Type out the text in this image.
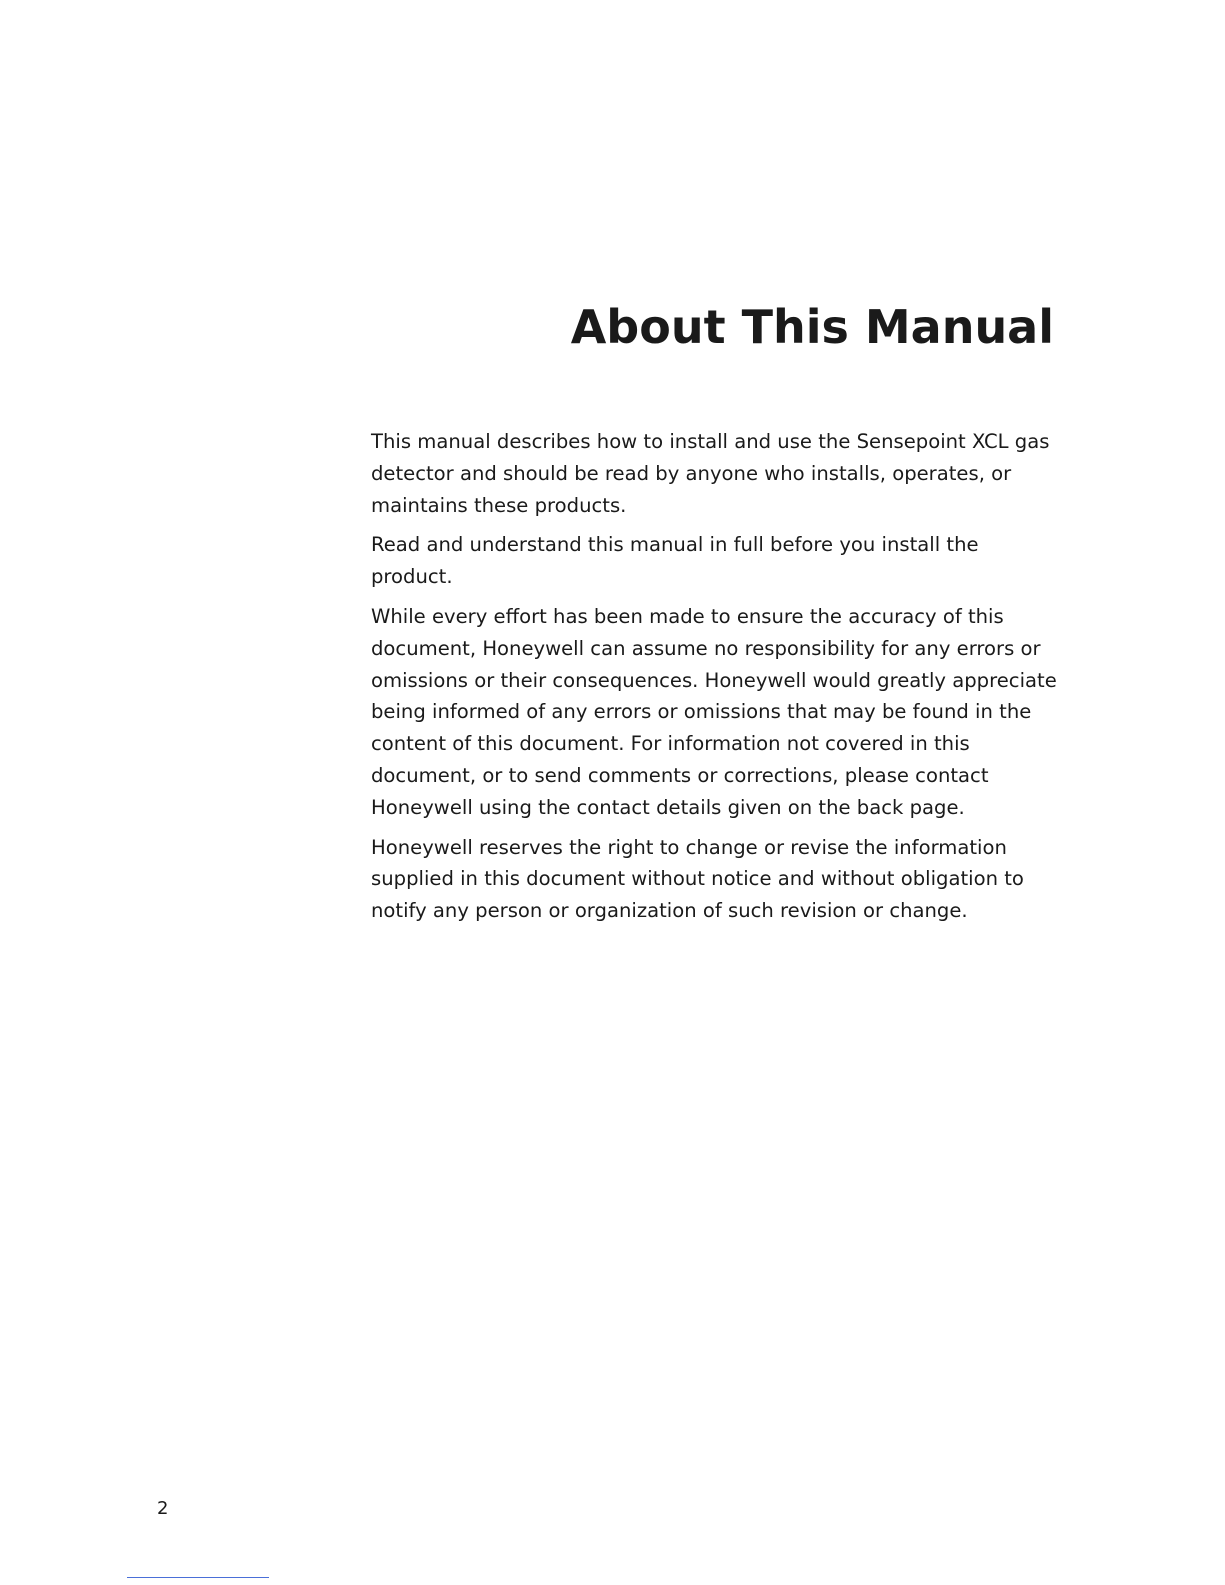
About This Manual

This manual describes how to install and use the Sensepoint XCL gas detector and should be read by anyone who installs, operates, or maintains these products.

Read and understand this manual in full before you install the product.

While every effort has been made to ensure the accuracy of this document, Honeywell can assume no responsibility for any errors or omissions or their consequences. Honeywell would greatly appreciate being informed of any errors or omissions that may be found in the content of this document. For information not covered in this document, or to send comments or corrections, please contact Honeywell using the contact details given on the back page.

Honeywell reserves the right to change or revise the information supplied in this document without notice and without obligation to notify any person or organization of such revision or change.

2
